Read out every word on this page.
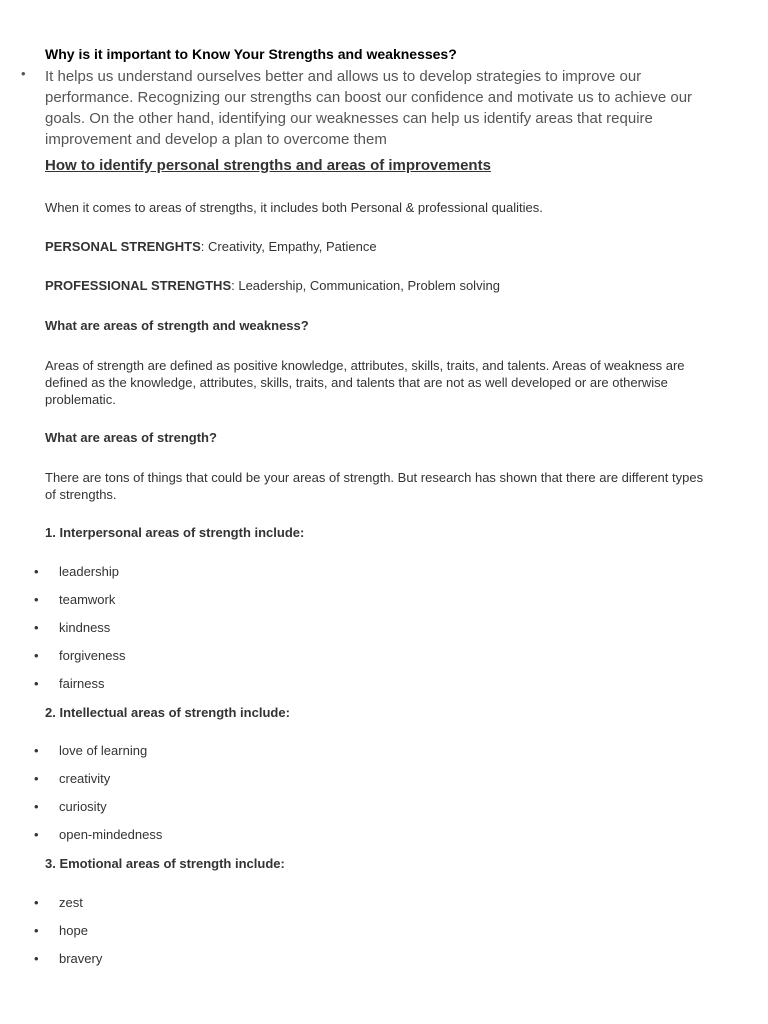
Why is it important to Know Your Strengths and weaknesses?

• It helps us understand ourselves better and allows us to develop strategies to improve our performance. Recognizing our strengths can boost our confidence and motivate us to achieve our goals. On the other hand, identifying our weaknesses can help us identify areas that require improvement and develop a plan to overcome them

How to identify personal strengths and areas of improvements

When it comes to areas of strengths, it includes both Personal & professional qualities.

PERSONAL STRENGHTS: Creativity, Empathy, Patience

PROFESSIONAL STRENGTHS: Leadership, Communication, Problem solving

What are areas of strength and weakness?

Areas of strength are defined as positive knowledge, attributes, skills, traits, and talents. Areas of weakness are defined as the knowledge, attributes, skills, traits, and talents that are not as well developed or are otherwise problematic.

What are areas of strength?

There are tons of things that could be your areas of strength. But research has shown that there are different types of strengths.

1. Interpersonal areas of strength include:

• leadership
• teamwork
• kindness
• forgiveness
• fairness

2. Intellectual areas of strength include:

• love of learning
• creativity
• curiosity
• open-mindedness

3. Emotional areas of strength include:

• zest
• hope
• bravery
